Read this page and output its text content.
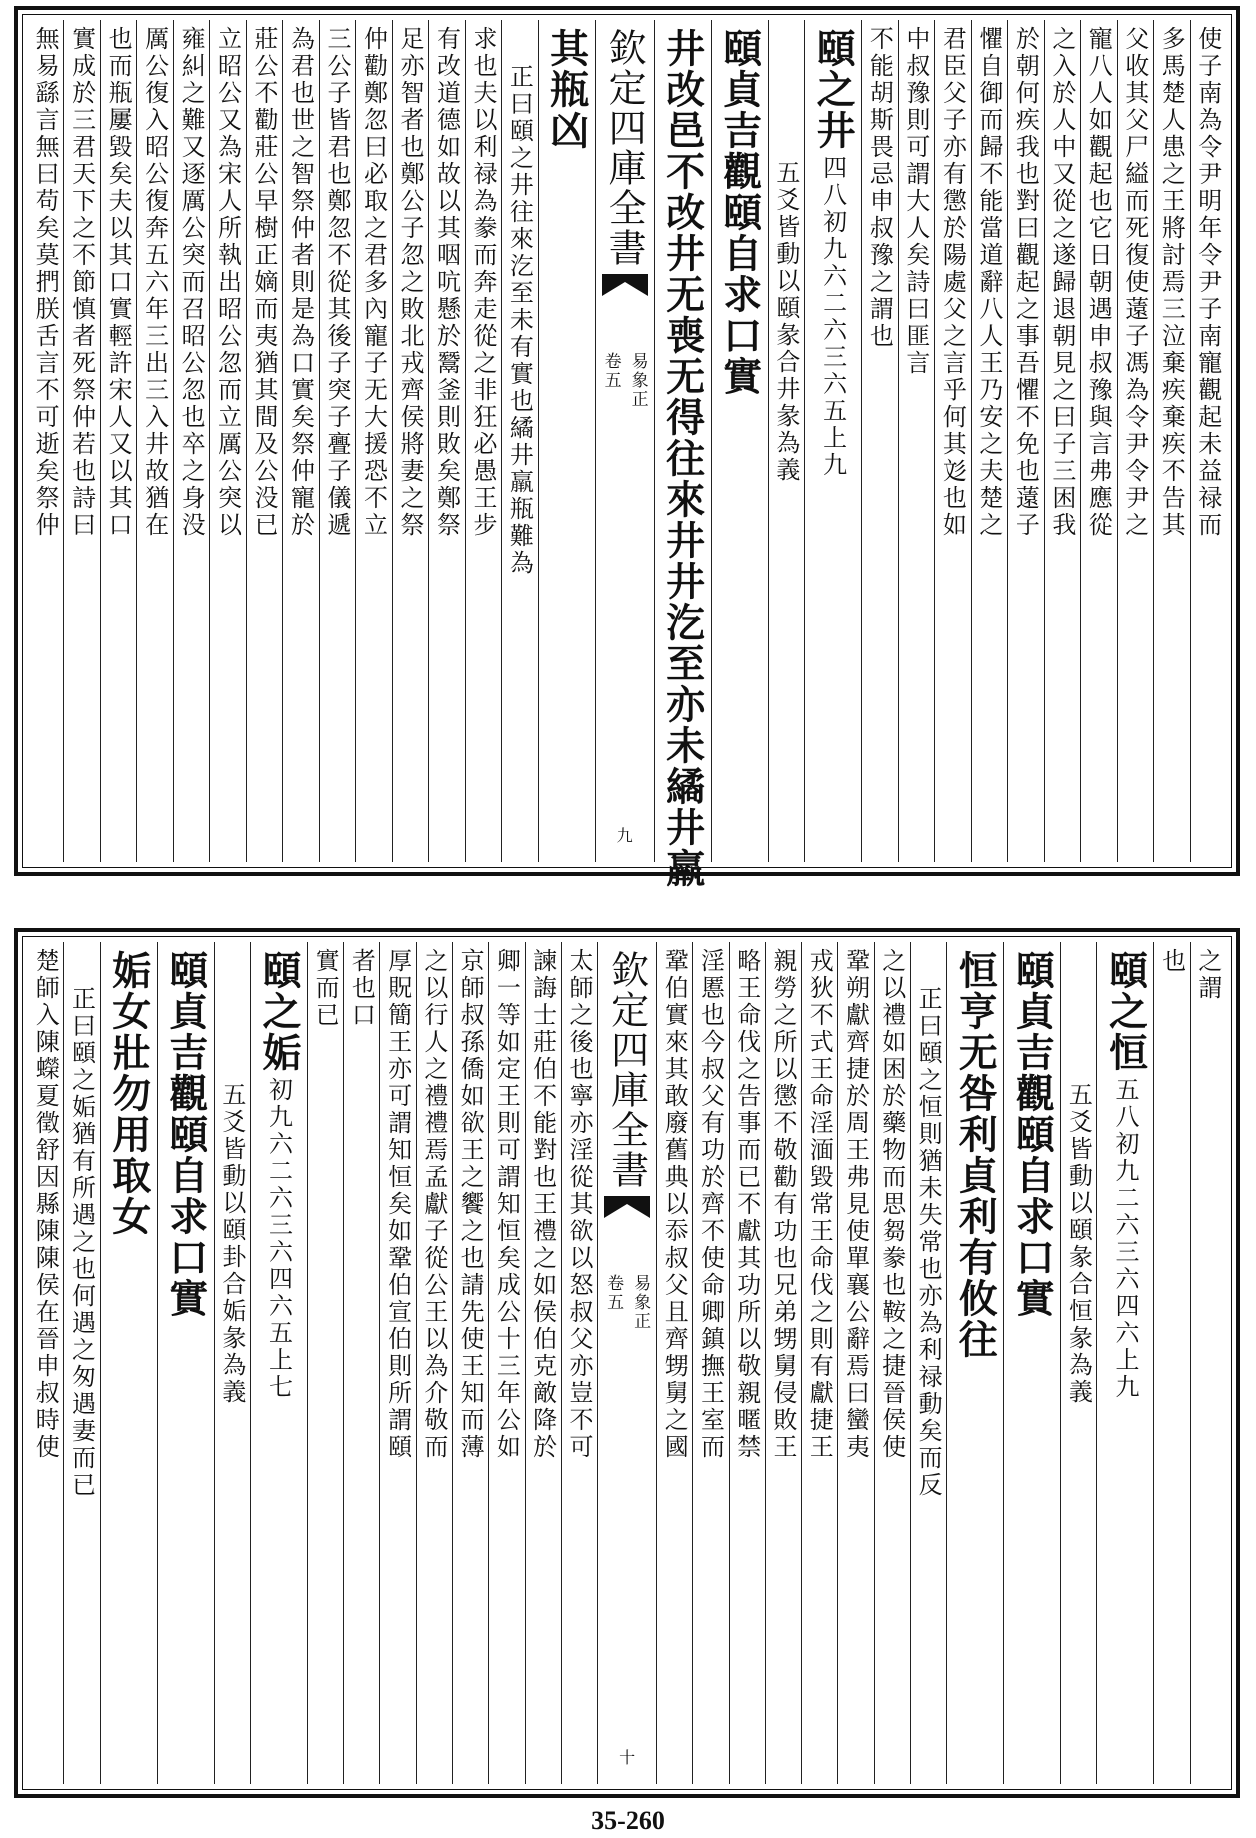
使子南為令尹明年令尹子南寵觀起未益禄而
多馬楚人患之王將討焉三泣棄疾棄疾不告其
父收其父尸縊而死復使薳子馮為令尹令尹之
寵八人如觀起也它日朝遇申叔豫與言弗應從
之入於人中又從之遂歸退朝見之曰子三困我
於朝何疾我也對曰觀起之事吾懼不免也薳子
懼自御而歸不能當道辭八人王乃安之夫楚之
君臣父子亦有懲於陽處父之言乎何其彣也如
中叔豫則可謂大人矣詩曰匪言
不能胡斯畏忌申叔豫之謂也
頤之井
四八初九六二六三六五上九
五爻皆動以頤彖合井彖為義
頤貞吉觀頤自求口實
井改邑不改井无喪无得往來井井汔至亦未繘井羸
欽定四庫全書
易象正
卷五
九
其瓶凶
正曰頤之井往來汔至未有實也繘井羸瓶難為
求也夫以利禄為豢而奔走從之非狂必愚王步
有改道德如故以其咽吭懸於鬵釜則敗矣鄭祭
足亦智者也鄭公子忽之敗北戎齊侯將妻之祭
仲勸鄭忽曰必取之君多內寵子无大援恐不立
三公子皆君也鄭忽不從其後子突子亹子儀遞
為君也世之智祭仲者則是為口實矣祭仲寵於
莊公不勸莊公早樹正嫡而夷猶其間及公没已
立昭公又為宋人所執出昭公忽而立厲公突以
雍糾之難又逐厲公突而召昭公忽也卒之身没
厲公復入昭公復奔五六年三出三入井故猶在
也而瓶屢毀矣夫以其口實輕許宋人又以其口
實成於三君天下之不節慎者死祭仲若也詩曰
無易繇言無曰苟矣莫捫朕舌言不可逝矣祭仲
之謂
也
頤之恒
五八初九二六三六四六上九
五爻皆動以頤彖合恒彖為義
頤貞吉觀頤自求口實
恒亨无咎利貞利有攸往
正曰頤之恒則猶未失常也亦為利禄動矣而反
之以禮如困於藥物而思芻豢也鞍之捷晉侯使
鞏朔獻齊捷於周王弗見使單襄公辭焉曰蠻夷
戎狄不式王命淫湎毀常王命伐之則有獻捷王
親勞之所以懲不敬勸有功也兄弟甥舅侵敗王
略王命伐之告事而已不獻其功所以敬親暱禁
淫慝也今叔父有功於齊不使命卿鎮撫王室而
鞏伯實來其敢廢舊典以忝叔父且齊甥舅之國
欽定四庫全書
易象正
卷五
十
太師之後也寧亦淫從其欲以怒叔父亦豈不可
諫誨士莊伯不能對也王禮之如侯伯克敵降於
卿一等如定王則可謂知恒矣成公十三年公如
京師叔孫僑如欲王之饗之也請先使王知而薄
之以行人之禮禮焉孟獻子從公王以為介敬而
厚貺簡王亦可謂知恒矣如鞏伯宣伯則所謂頤
者也口
實而已
頤之姤
初九六二六三六四六五上七
五爻皆動以頤卦合姤彖為義
頤貞吉觀頤自求口實
姤女壯勿用取女
正曰頤之姤猶有所遇之也何遇之匆遇妻而已
楚師入陳蠑夏徵舒因縣陳陳侯在晉申叔時使
35-260
